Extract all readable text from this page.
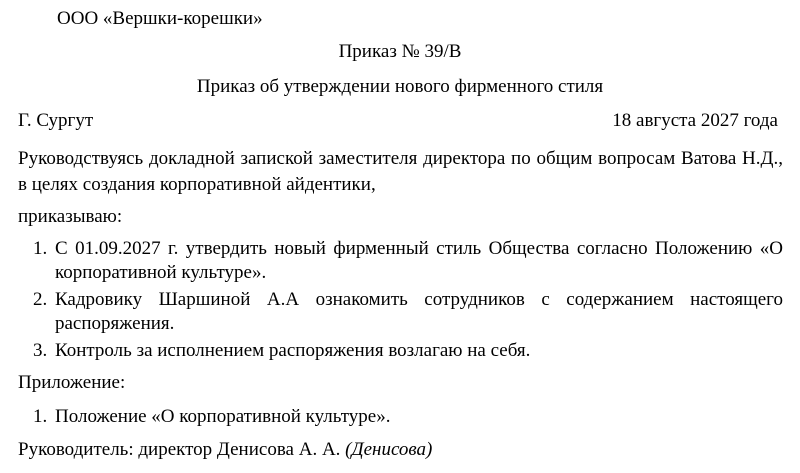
ООО «Вершки-корешки»
Приказ № 39/В
Приказ об утверждении нового фирменного стиля
Г. Сургут	18 августа 2027 года
Руководствуясь докладной запиской заместителя директора по общим вопросам Ватова Н.Д., в целях создания корпоративной айдентики,
приказываю:
1. С 01.09.2027 г. утвердить новый фирменный стиль Общества согласно Положению «О корпоративной культуре».
2. Кадровику Шаршиной А.А ознакомить сотрудников с содержанием настоящего распоряжения.
3. Контроль за исполнением распоряжения возлагаю на себя.
Приложение:
1. Положение «О корпоративной культуре».
Руководитель: директор Денисова А. А. (Денисова)
